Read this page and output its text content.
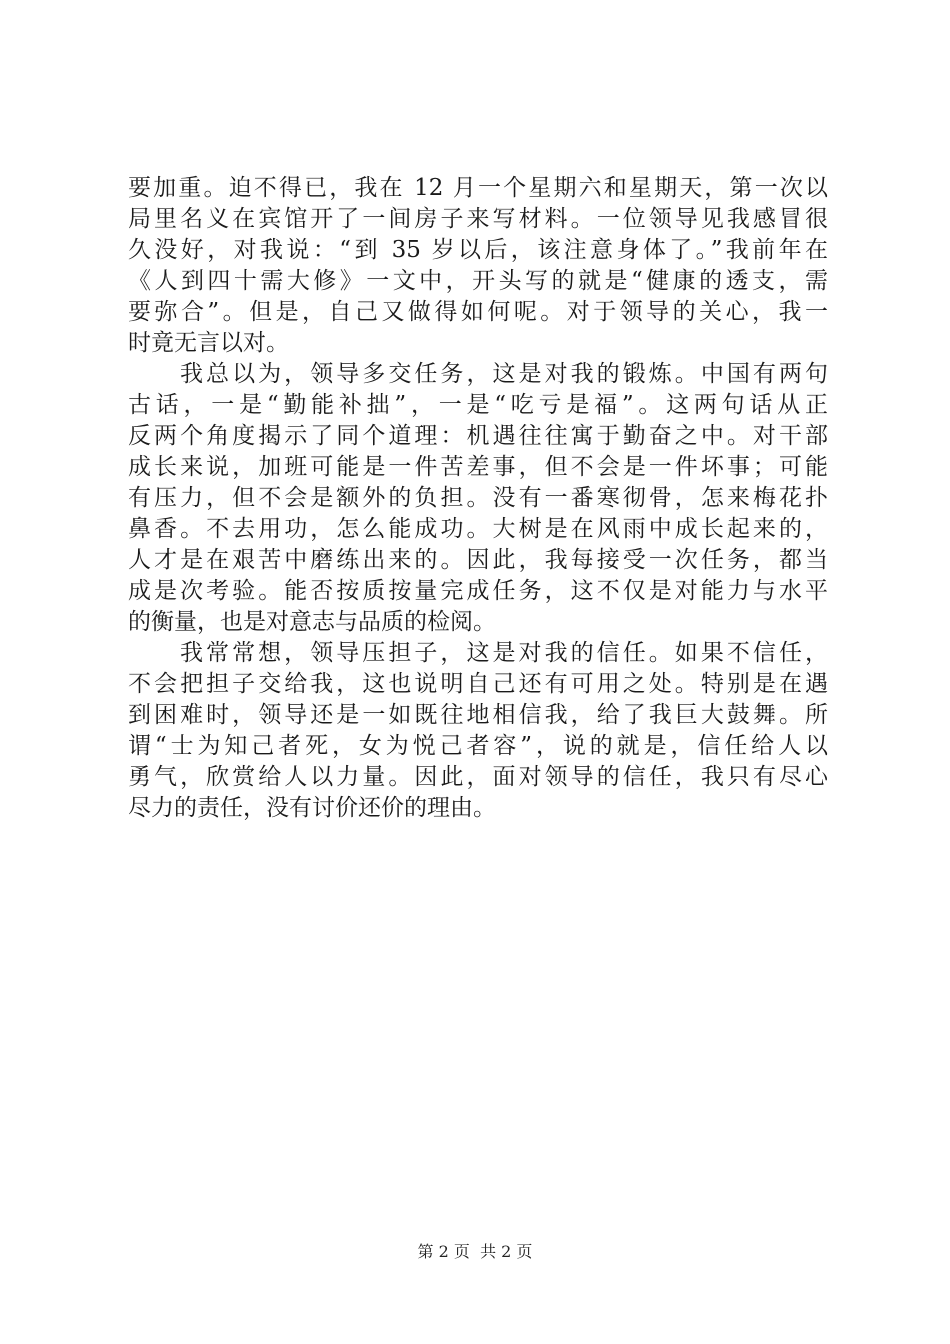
要加重。迫不得已，我在 12 月一个星期六和星期天，第一次以
局里名义在宾馆开了一间房子来写材料。一位领导见我感冒很
久没好，对我说：“到 35 岁以后，该注意身体了。”我前年在
《人到四十需大修》一文中，开头写的就是“健康的透支，需
要弥合”。但是，自己又做得如何呢。对于领导的关心，我一
时竟无言以对。
我总以为，领导多交任务，这是对我的锻炼。中国有两句
古话，一是“勤能补拙”，一是“吃亏是福”。这两句话从正
反两个角度揭示了同个道理：机遇往往寓于勤奋之中。对干部
成长来说，加班可能是一件苦差事，但不会是一件坏事；可能
有压力，但不会是额外的负担。没有一番寒彻骨，怎来梅花扑
鼻香。不去用功，怎么能成功。大树是在风雨中成长起来的，
人才是在艰苦中磨练出来的。因此，我每接受一次任务，都当
成是次考验。能否按质按量完成任务，这不仅是对能力与水平
的衡量，也是对意志与品质的检阅。
我常常想，领导压担子，这是对我的信任。如果不信任，
不会把担子交给我，这也说明自己还有可用之处。特别是在遇
到困难时，领导还是一如既往地相信我，给了我巨大鼓舞。所
谓“士为知己者死，女为悦己者容”，说的就是，信任给人以
勇气，欣赏给人以力量。因此，面对领导的信任，我只有尽心
尽力的责任，没有讨价还价的理由。
第 2 页  共 2 页
